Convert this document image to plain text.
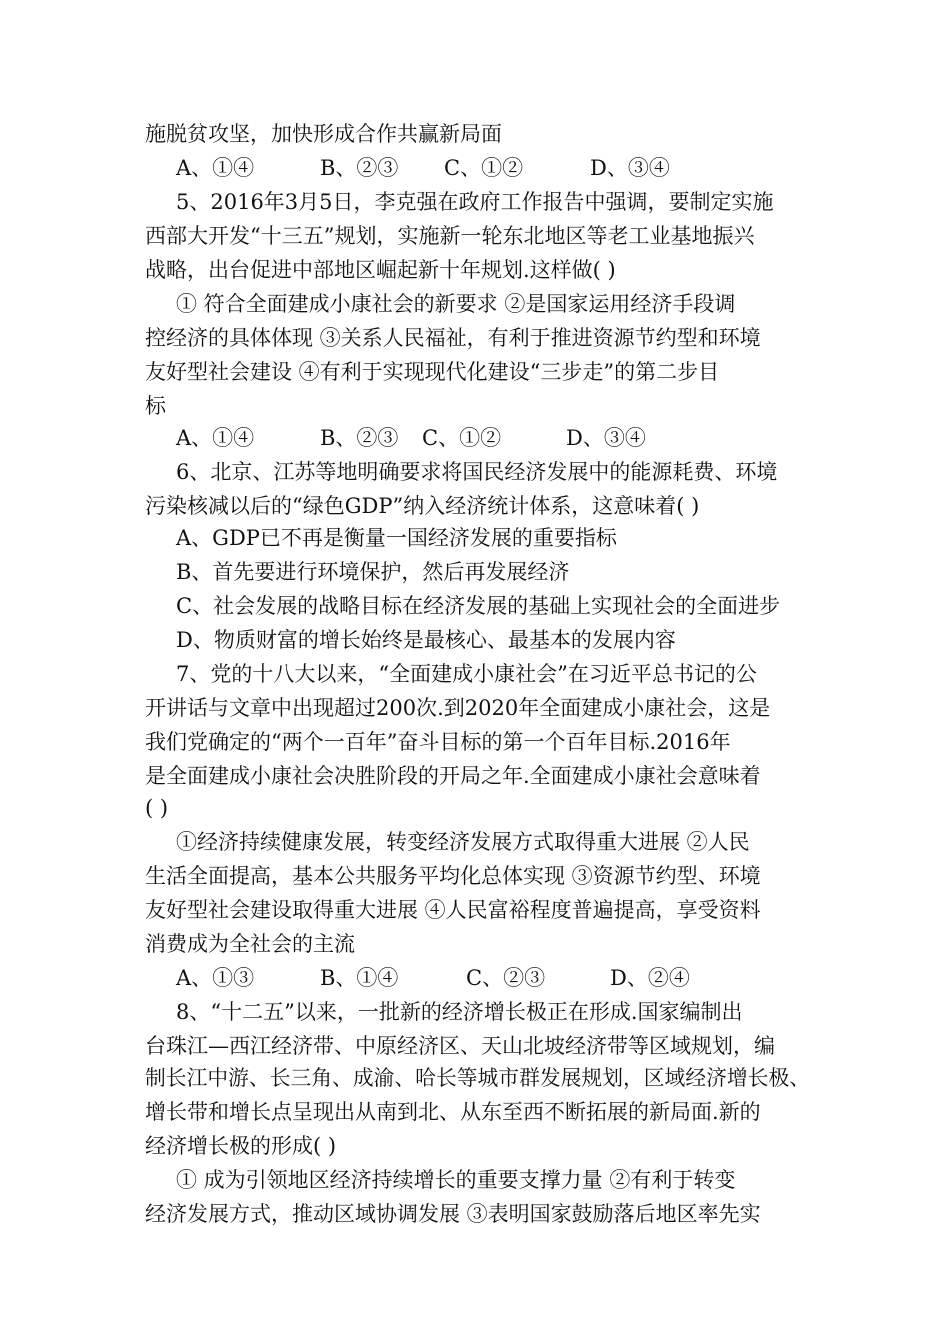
施脱贫攻坚，加快形成合作共赢新局面
A、①④	B、②③ C、①②	D、③④
5、2016年3月5日，李克强在政府工作报告中强调，要制定实施
西部大开发“十三五”规划，实施新一轮东北地区等老工业基地振兴
战略，出台促进中部地区崛起新十年规划.这样做( )
① 符合全面建成小康社会的新要求 ②是国家运用经济手段调
控经济的具体体现 ③关系人民福祉，有利于推进资源节约型和环境
友好型社会建设 ④有利于实现现代化建设“三步走”的第二步目
标
A、①④	B、②③ C、①②	D、③④
6、北京、江苏等地明确要求将国民经济发展中的能源耗费、环境
污染核减以后的“绿色GDP”纳入经济统计体系，这意味着( )
A、GDP已不再是衡量一国经济发展的重要指标
B、首先要进行环境保护，然后再发展经济
C、社会发展的战略目标在经济发展的基础上实现社会的全面进步
D、物质财富的增长始终是最核心、最基本的发展内容
7、党的十八大以来，“全面建成小康社会”在习近平总书记的公
开讲话与文章中出现超过200次.到2020年全面建成小康社会，这是
我们党确定的“两个一百年”奋斗目标的第一个百年目标.2016年
是全面建成小康社会决胜阶段的开局之年.全面建成小康社会意味着
( )
①经济持续健康发展，转变经济发展方式取得重大进展 ②人民
生活全面提高，基本公共服务平均化总体实现 ③资源节约型、环境
友好型社会建设取得重大进展 ④人民富裕程度普遍提高，享受资料
消费成为全社会的主流
A、①③	B、①④	C、②③	D、②④
8、“十二五”以来，一批新的经济增长极正在形成.国家编制出
台珠江—西江经济带、中原经济区、天山北坡经济带等区域规划，编
制长江中游、长三角、成渝、哈长等城市群发展规划，区域经济增长极、
增长带和增长点呈现出从南到北、从东至西不断拓展的新局面.新的
经济增长极的形成( )
① 成为引领地区经济持续增长的重要支撑力量 ②有利于转变
经济发展方式，推动区域协调发展 ③表明国家鼓励落后地区率先实
